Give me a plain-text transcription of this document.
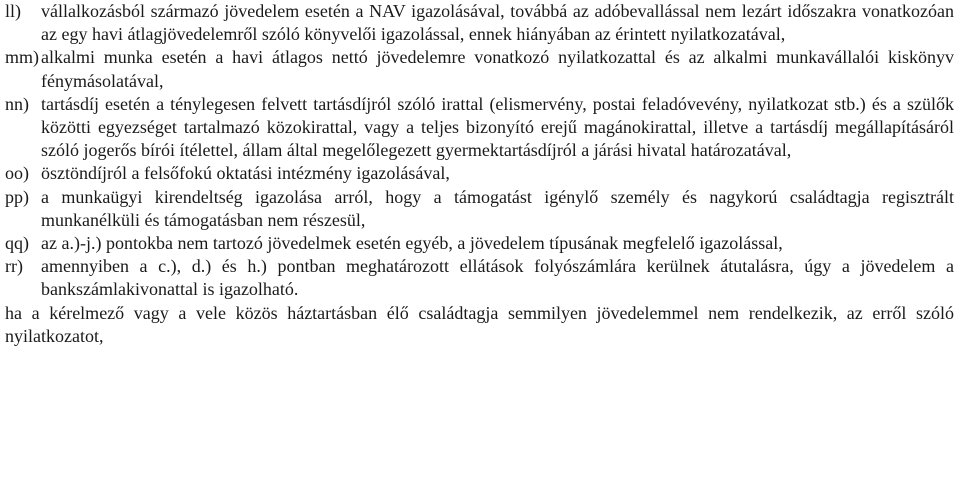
ll)	vállalkozásból származó jövedelem esetén a NAV igazolásával, továbbá az adóbevallással nem lezárt időszakra vonatkozóan az egy havi átlagjövedelemről szóló könyvelői igazolással, ennek hiányában az érintett nyilatkozatával,
mm) alkalmi munka esetén a havi átlagos nettó jövedelemre vonatkozó nyilatkozattal és az alkalmi munkavállalói kiskönyv fénymásolatával,
nn) tartásdíj esetén a ténylegesen felvett tartásdíjról szóló irattal (elismervény, postai feladóvevény, nyilatkozat stb.) és a szülők közötti egyezséget tartalmazó közokirattal, vagy a teljes bizonyító erejű magánokirattal, illetve a tartásdíj megállapításáról szóló jogerős bírói ítélettel, állam által megelőlegezett gyermektartásdíjról a járási hivatal határozatával,
oo) ösztöndíjról a felsőfokú oktatási intézmény igazolásával,
pp) a munkaügyi kirendeltség igazolása arról, hogy a támogatást igénylő személy és nagykorú családtagja regisztrált munkanélküli és támogatásban nem részesül,
qq) az a.)-j.) pontokba nem tartozó jövedelmek esetén egyéb, a jövedelem típusának megfelelő igazolással,
rr)	amennyiben a c.), d.) és h.) pontban meghatározott ellátások folyószámlára kerülnek átutalásra, úgy a jövedelem a bankszámlakivonattal is igazolható.
ha a kérelmező vagy a vele közös háztartásban élő családtagja semmilyen jövedelemmel nem rendelkezik, az erről szóló nyilatkozatot,
